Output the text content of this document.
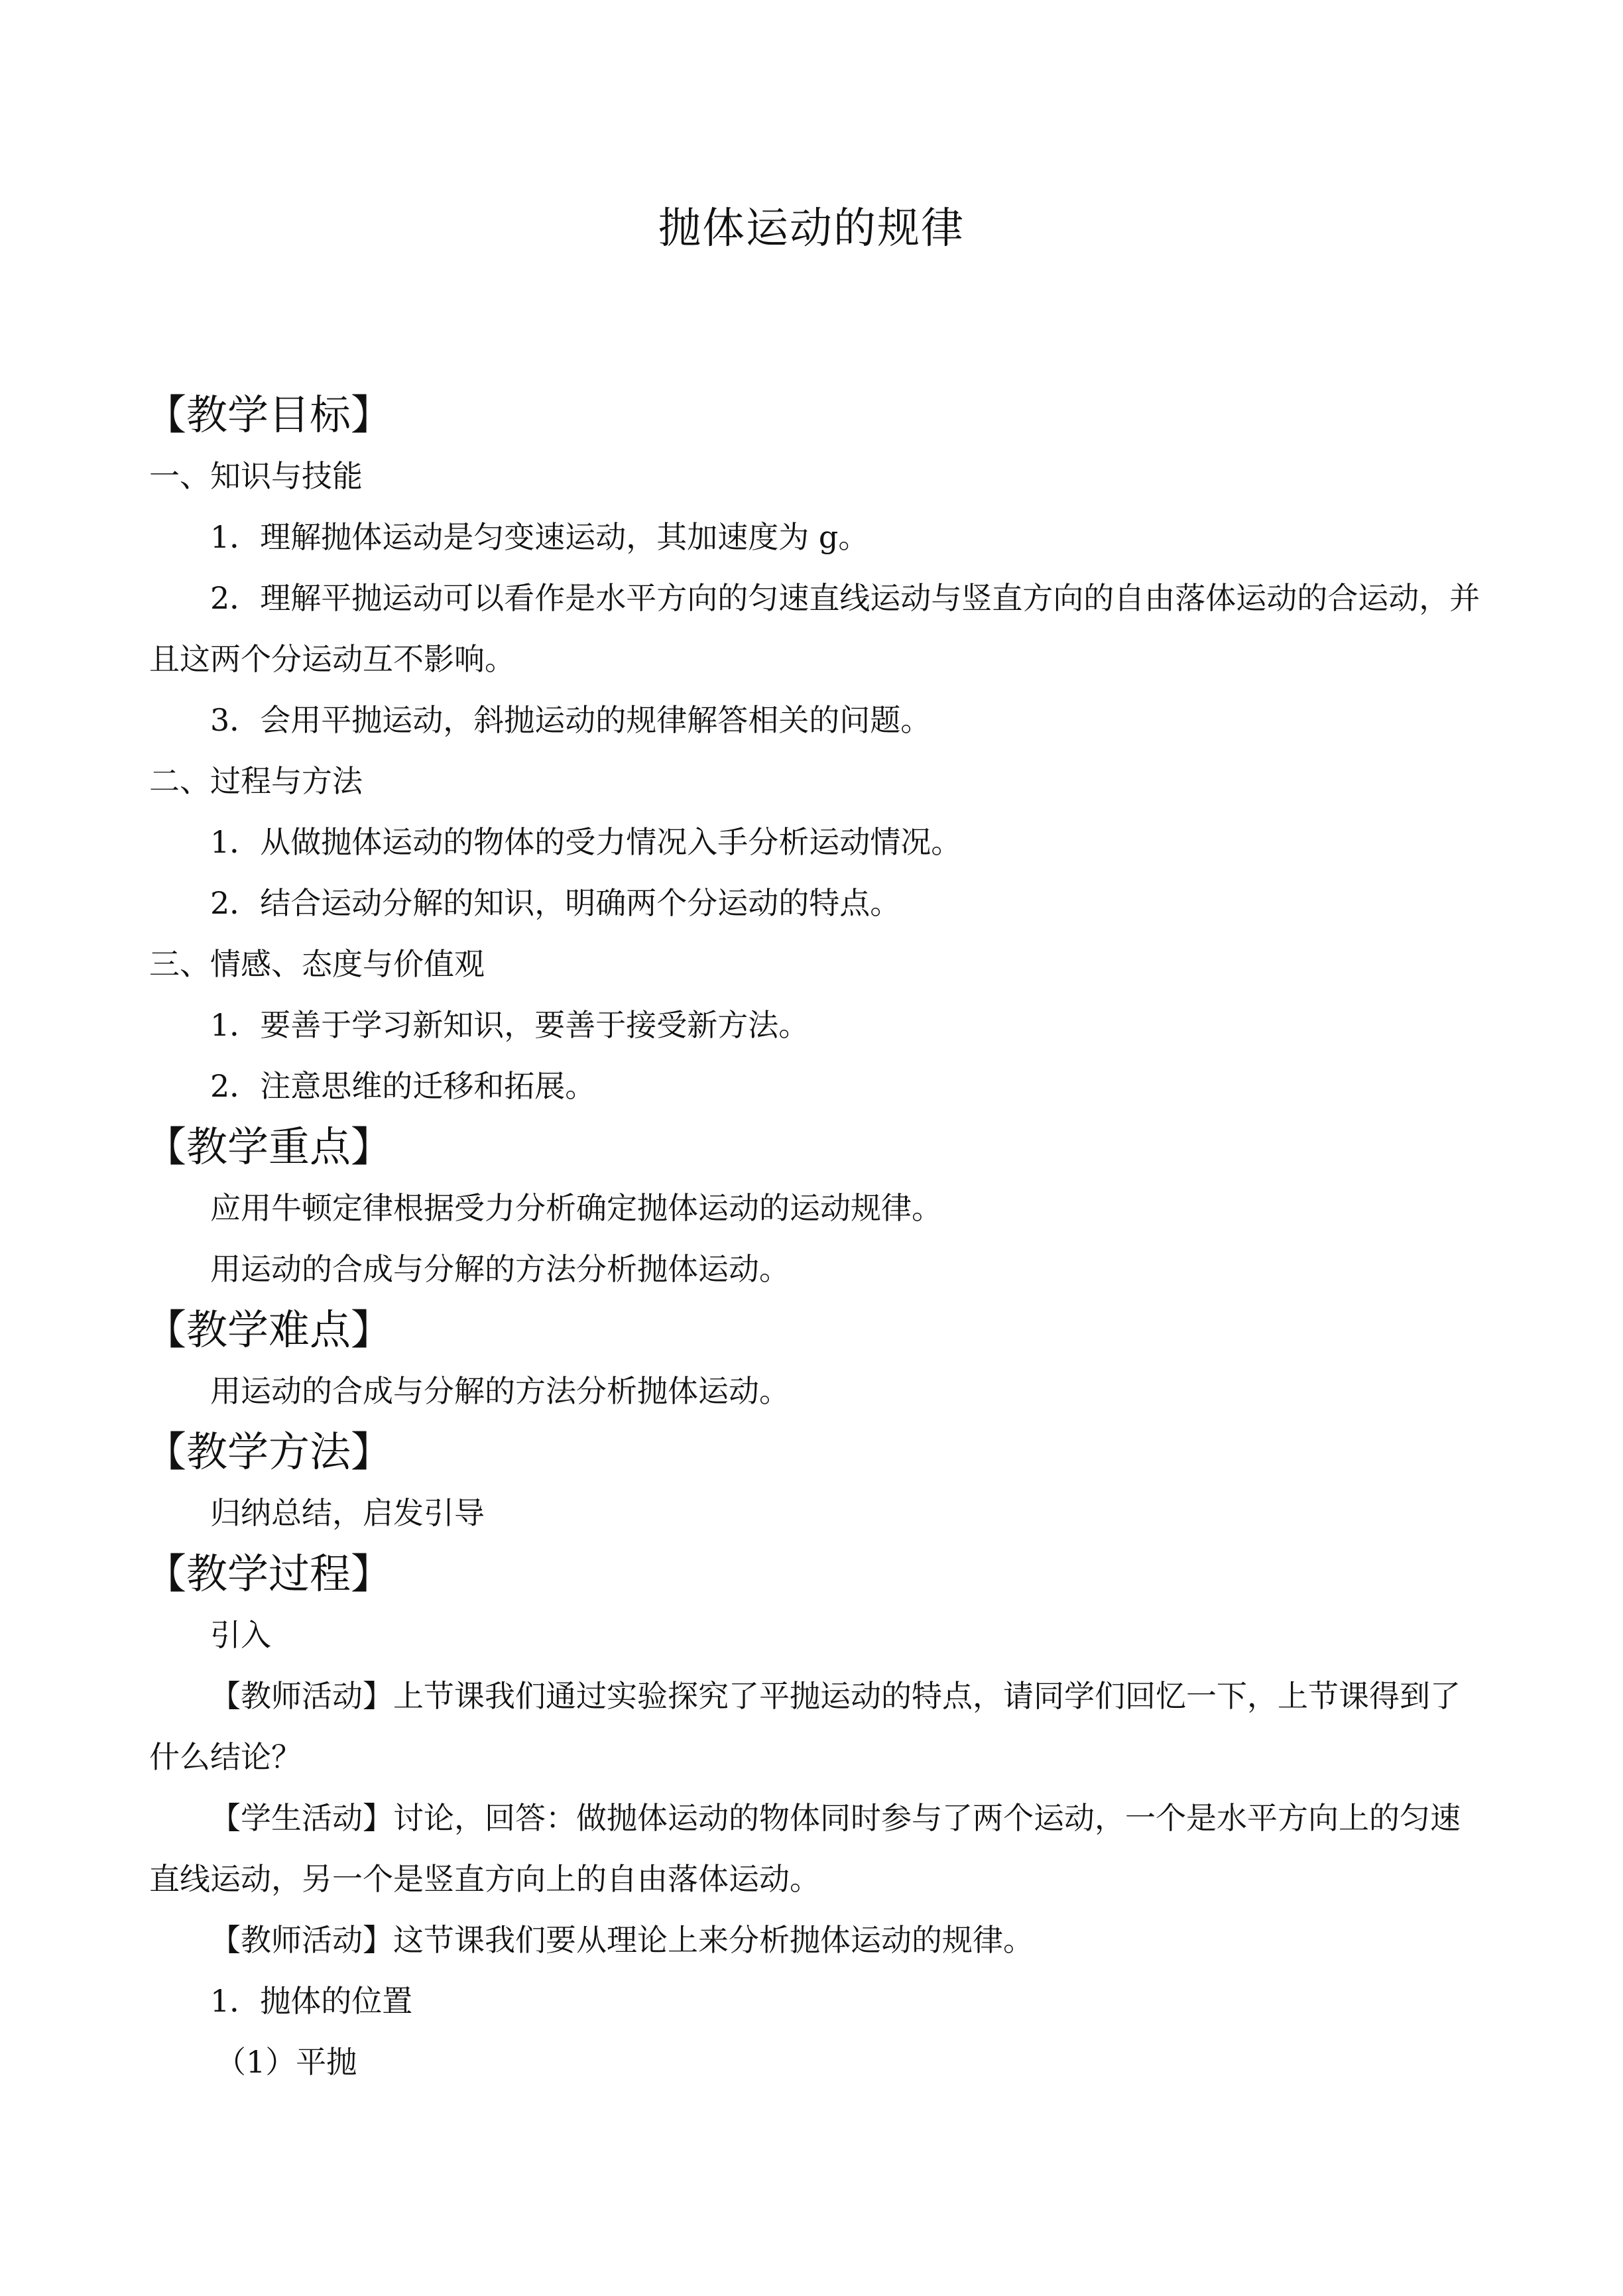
抛体运动的规律
【教学目标】
一、知识与技能

1．理解抛体运动是匀变速运动，其加速度为 g。

2．理解平抛运动可以看作是水平方向的匀速直线运动与竖直方向的自由落体运动的合运动，并且这两个分运动互不影响。

3．会用平抛运动，斜抛运动的规律解答相关的问题。

二、过程与方法

1．从做抛体运动的物体的受力情况入手分析运动情况。

2．结合运动分解的知识，明确两个分运动的特点。

三、情感、态度与价值观

1．要善于学习新知识，要善于接受新方法。

2．注意思维的迁移和拓展。

【教学重点】

应用牛顿定律根据受力分析确定抛体运动的运动规律。

用运动的合成与分解的方法分析抛体运动。

【教学难点】

用运动的合成与分解的方法分析抛体运动。

【教学方法】

归纳总结，启发引导

【教学过程】

引入

【教师活动】上节课我们通过实验探究了平抛运动的特点，请同学们回忆一下，上节课得到了什么结论？

【学生活动】讨论，回答：做抛体运动的物体同时参与了两个运动，一个是水平方向上的匀速直线运动，另一个是竖直方向上的自由落体运动。

【教师活动】这节课我们要从理论上来分析抛体运动的规律。

1．抛体的位置

（1）平抛
